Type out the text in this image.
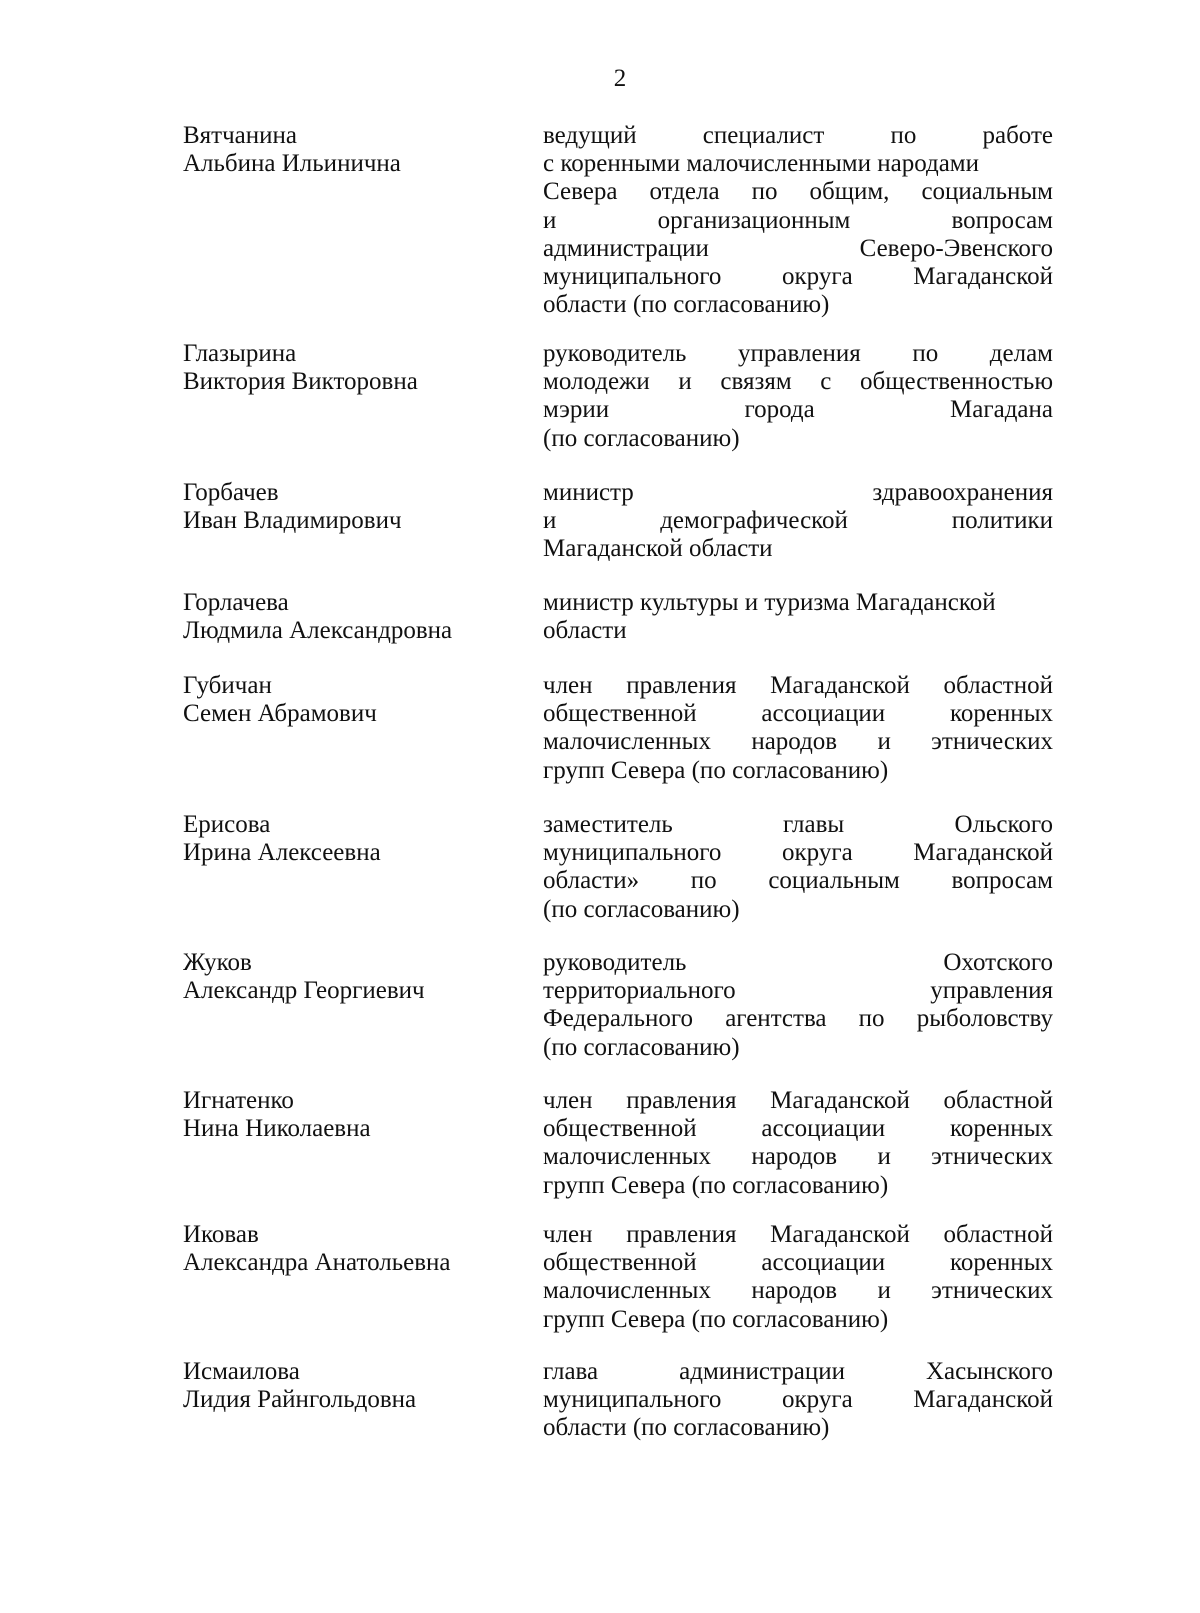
2
Вятчанина
Альбина Ильинична
ведущий специалист по работе
с коренными малочисленными народами
Севера отдела по общим, социальным
и организационным вопросам
администрации Северо-Эвенского
муниципального округа Магаданской
области (по согласованию)
Глазырина
Виктория Викторовна
руководитель управления по делам
молодежи и связям с общественностью
мэрии города Магадана
(по согласованию)
Горбачев
Иван Владимирович
министр здравоохранения
и демографической политики
Магаданской области
Горлачева
Людмила Александровна
министр культуры и туризма Магаданской
области
Губичан
Семен Абрамович
член правления Магаданской областной
общественной ассоциации коренных
малочисленных народов и этнических
групп Севера (по согласованию)
Ерисова
Ирина Алексеевна
заместитель главы Ольского
муниципального округа Магаданской
области» по социальным вопросам
(по согласованию)
Жуков
Александр Георгиевич
руководитель Охотского
территориального управления
Федерального агентства по рыболовству
(по согласованию)
Игнатенко
Нина Николаевна
член правления Магаданской областной
общественной ассоциации коренных
малочисленных народов и этнических
групп Севера (по согласованию)
Иковав
Александра Анатольевна
член правления Магаданской областной
общественной ассоциации коренных
малочисленных народов и этнических
групп Севера (по согласованию)
Исмаилова
Лидия Райнгольдовна
глава администрации Хасынского
муниципального округа Магаданской
области (по согласованию)
